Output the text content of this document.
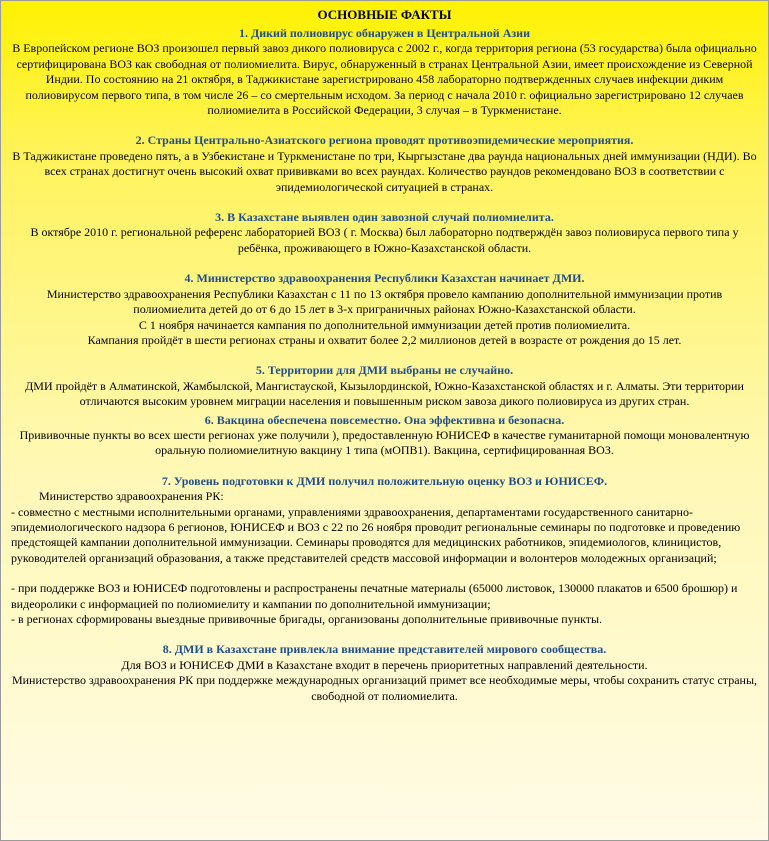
ОСНОВНЫЕ ФАКТЫ
1. Дикий полиовирус обнаружен в Центральной Азии
В Европейском регионе ВОЗ произошел первый завоз дикого полиовируса с 2002 г., когда территория региона (53 государства) была официально сертифицирована ВОЗ как свободная от полиомиелита. Вирус, обнаруженный в странах Центральной Азии, имеет происхождение из Северной Индии. По состоянию на 21 октября, в Таджикистане зарегистрировано 458 лабораторно подтвержденных случаев инфекции диким полиовирусом первого типа, в том числе 26 – со смертельным исходом. За период с начала 2010 г. официально зарегистрировано 12 случаев полиомиелита в Российской Федерации, 3 случая – в Туркменистане.
2. Страны Центрально-Азиатского региона проводят противоэпидемические мероприятия.
В Таджикистане проведено пять, а в Узбекистане и Туркменистане по три, Кыргызстане два раунда национальных дней иммунизации (НДИ). Во всех странах достигнут очень высокий охват прививками во всех раундах. Количество раундов рекомендовано ВОЗ в соответствии с эпидемиологической ситуацией в странах.
3. В Казахстане выявлен один завозной случай полиомиелита.
В октябре 2010 г. региональной референс лабораторией ВОЗ ( г. Москва) был лабораторно подтверждён завоз полиовируса первого типа у ребёнка, проживающего в Южно-Казахстанской области.
4. Министерство здравоохранения Республики Казахстан начинает ДМИ.
Министерство здравоохранения Республики Казахстан с 11 по 13 октября провело кампанию дополнительной иммунизации против полиомиелита детей до от 6 до 15 лет в 3-х приграничных районах Южно-Казахстанской области.
С 1 ноября начинается кампания по дополнительной иммунизации детей против полиомиелита.
Кампания пройдёт в шести регионах страны и охватит более 2,2 миллионов детей в возрасте от рождения до 15 лет.
5. Территории для ДМИ выбраны не случайно.
ДМИ пройдёт в Алматинской, Жамбылской, Мангистауской, Кызылординской, Южно-Казахстанской областях и г. Алматы. Эти территории отличаются высоким уровнем миграции населения и повышенным риском завоза дикого полиовируса из других стран.
6. Вакцина обеспечена повсеместно. Она эффективна и безопасна.
Прививочные пункты во всех шести регионах уже получили ), предоставленную ЮНИСЕФ в качестве гуманитарной помощи моновалентную оральную полиомиелитную вакцину 1 типа (мОПВ1). Вакцина, сертифицированная ВОЗ.
7. Уровень подготовки к ДМИ получил положительную оценку ВОЗ и ЮНИСЕФ.
Министерство здравоохранения РК:
- совместно с местными исполнительными органами, управлениями здравоохранения, департаментами государственного санитарно-эпидемиологического надзора 6 регионов, ЮНИСЕФ и ВОЗ с 22 по 26 ноября проводит региональные семинары по подготовке и проведению предстоящей кампании дополнительной иммунизации. Семинары проводятся для медицинских работников, эпидемиологов, клиницистов, руководителей организаций образования, а также представителей средств массовой информации и волонтеров молодежных организаций;
- при поддержке ВОЗ и ЮНИСЕФ подготовлены и распространены печатные материалы (65000 листовок, 130000 плакатов и 6500 брошюр) и видеоролики с информацией по полиомиелиту и кампании по дополнительной иммунизации;
- в регионах сформированы выездные прививочные бригады, организованы дополнительные прививочные пункты.
8. ДМИ в Казахстане привлекла внимание представителей мирового сообщества.
Для ВОЗ и ЮНИСЕФ ДМИ в Казахстане входит в перечень приоритетных направлений деятельности.
Министерство здравоохранения РК при поддержке международных организаций примет все необходимые меры, чтобы сохранить статус страны, свободной от полиомиелита.
